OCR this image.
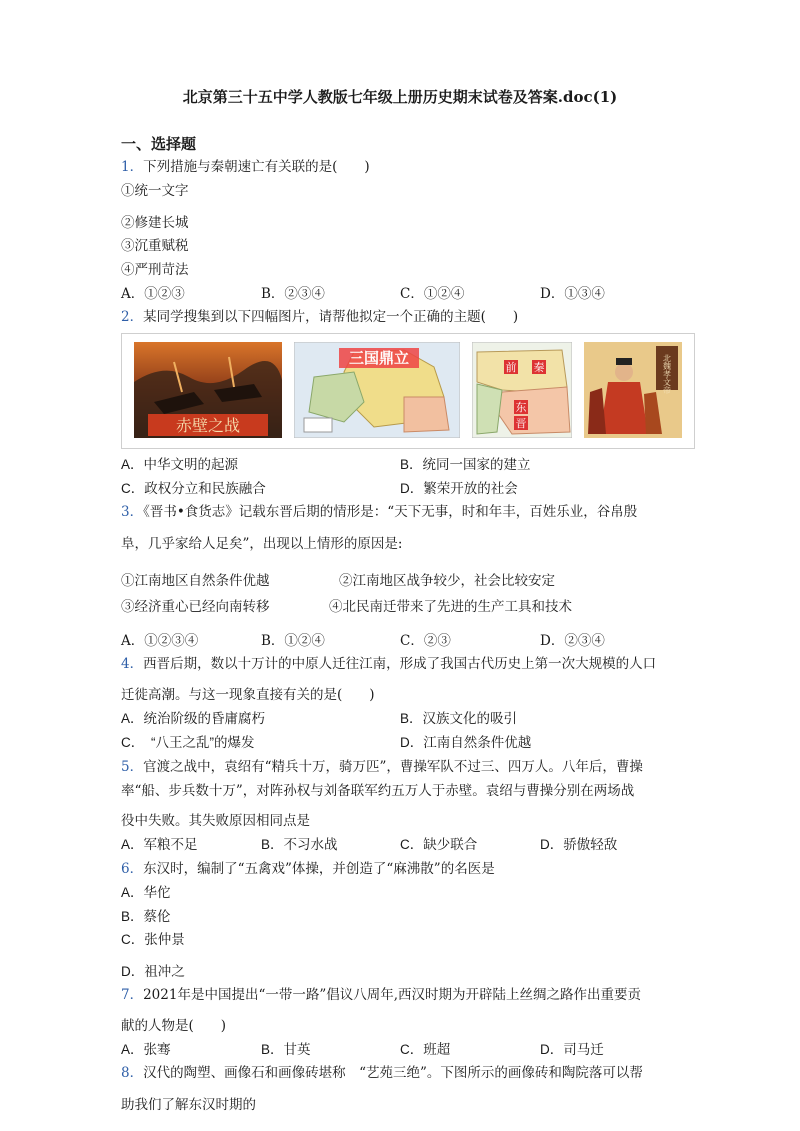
北京第三十五中学人教版七年级上册历史期末试卷及答案.doc(1)
一、选择题
1．下列措施与秦朝速亡有关联的是(　　)
①统一文字
②修建长城
③沉重赋税
④严刑苛法
A．①②③	B．②③④	C．①②④	D．①③④
2．某同学搜集到以下四幅图片，请帮他拟定一个正确的主题(　　)
赤壁之战
三国鼎立
前 秦
东
晋
北魏孝文帝
A．中华文明的起源	B．统同一国家的建立
C．政权分立和民族融合	D．繁荣开放的社会
3．《晋书•食货志》记载东晋后期的情形是：“天下无事，时和年丰，百姓乐业，谷帛殷
阜，几乎家给人足矣”，出现以上情形的原因是:
①江南地区自然条件优越	②江南地区战争较少，社会比较安定
③经济重心已经向南转移	④北民南迁带来了先进的生产工具和技术
A．①②③④	B．①②④	C．②③	D．②③④
4．西晋后期，数以十万计的中原人迁往江南，形成了我国古代历史上第一次大规模的人口
迁徙高潮。与这一现象直接有关的是(　　)
A．统治阶级的昏庸腐朽	B．汉族文化的吸引
C．　“八王之乱”的爆发	D．江南自然条件优越
5．官渡之战中，袁绍有“精兵十万，骑万匹”，曹操军队不过三、四万人。八年后，曹操
率“船、步兵数十万”，对阵孙权与刘备联军约五万人于赤壁。袁绍与曹操分别在两场战
役中失败。其失败原因相同点是
A．军粮不足	B．不习水战	C．缺少联合	D．骄傲轻敌
6．东汉时，编制了“五禽戏”体操，并创造了“麻沸散”的名医是
A．华佗
B．蔡伦
C．张仲景
D．祖冲之
7．2021年是中国提出“一带一路”倡议八周年,西汉时期为开辟陆上丝绸之路作出重要贡
献的人物是(　　)
A．张骞	B．甘英	C．班超	D．司马迁
8．汉代的陶塑、画像石和画像砖堪称　“艺苑三绝”。下图所示的画像砖和陶院落可以帮
助我们了解东汉时期的
